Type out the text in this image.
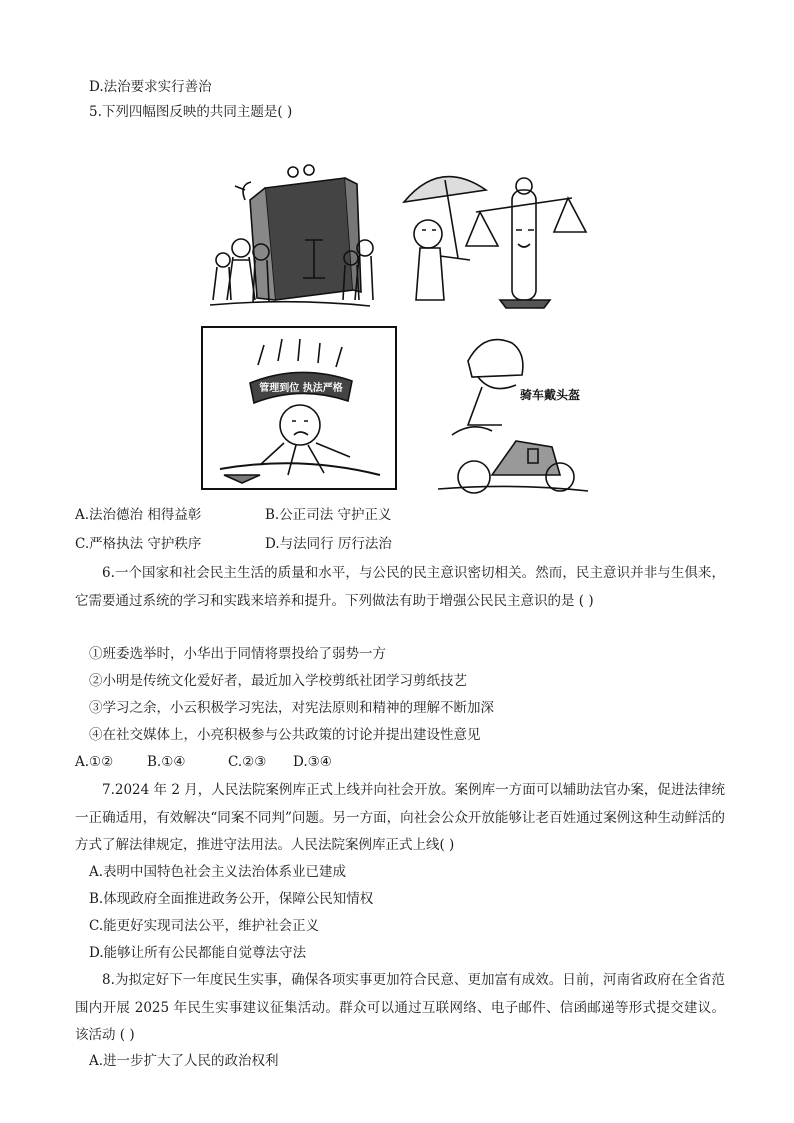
D.法治要求实行善治
5.下列四幅图反映的共同主题是( )
管理到位 执法严格	骑车戴头盔
A.法治德治 相得益彰	B.公正司法 守护正义
C.严格执法 守护秩序	D.与法同行 厉行法治
6.一个国家和社会民主生活的质量和水平，与公民的民主意识密切相关。然而，民主意识并非与生俱来，它需要通过系统的学习和实践来培养和提升。下列做法有助于增强公民民主意识的是 ( )
①班委选举时，小华出于同情将票投给了弱势一方
②小明是传统文化爱好者，最近加入学校剪纸社团学习剪纸技艺
③学习之余，小云积极学习宪法，对宪法原则和精神的理解不断加深
④在社交媒体上，小亮积极参与公共政策的讨论并提出建设性意见
A.①②	B.①④	C.②③ D.③④
7.2024 年 2 月，人民法院案例库正式上线并向社会开放。案例库一方面可以辅助法官办案，促进法律统一正确适用，有效解决“同案不同判”问题。另一方面，向社会公众开放能够让老百姓通过案例这种生动鲜活的方式了解法律规定，推进守法用法。人民法院案例库正式上线( )
A.表明中国特色社会主义法治体系业已建成
B.体现政府全面推进政务公开，保障公民知情权
C.能更好实现司法公平，维护社会正义
D.能够让所有公民都能自觉尊法守法
8.为拟定好下一年度民生实事，确保各项实事更加符合民意、更加富有成效。日前，河南省政府在全省范围内开展 2025 年民生实事建议征集活动。群众可以通过互联网络、电子邮件、信函邮递等形式提交建议。该活动 ( )
A.进一步扩大了人民的政治权利
